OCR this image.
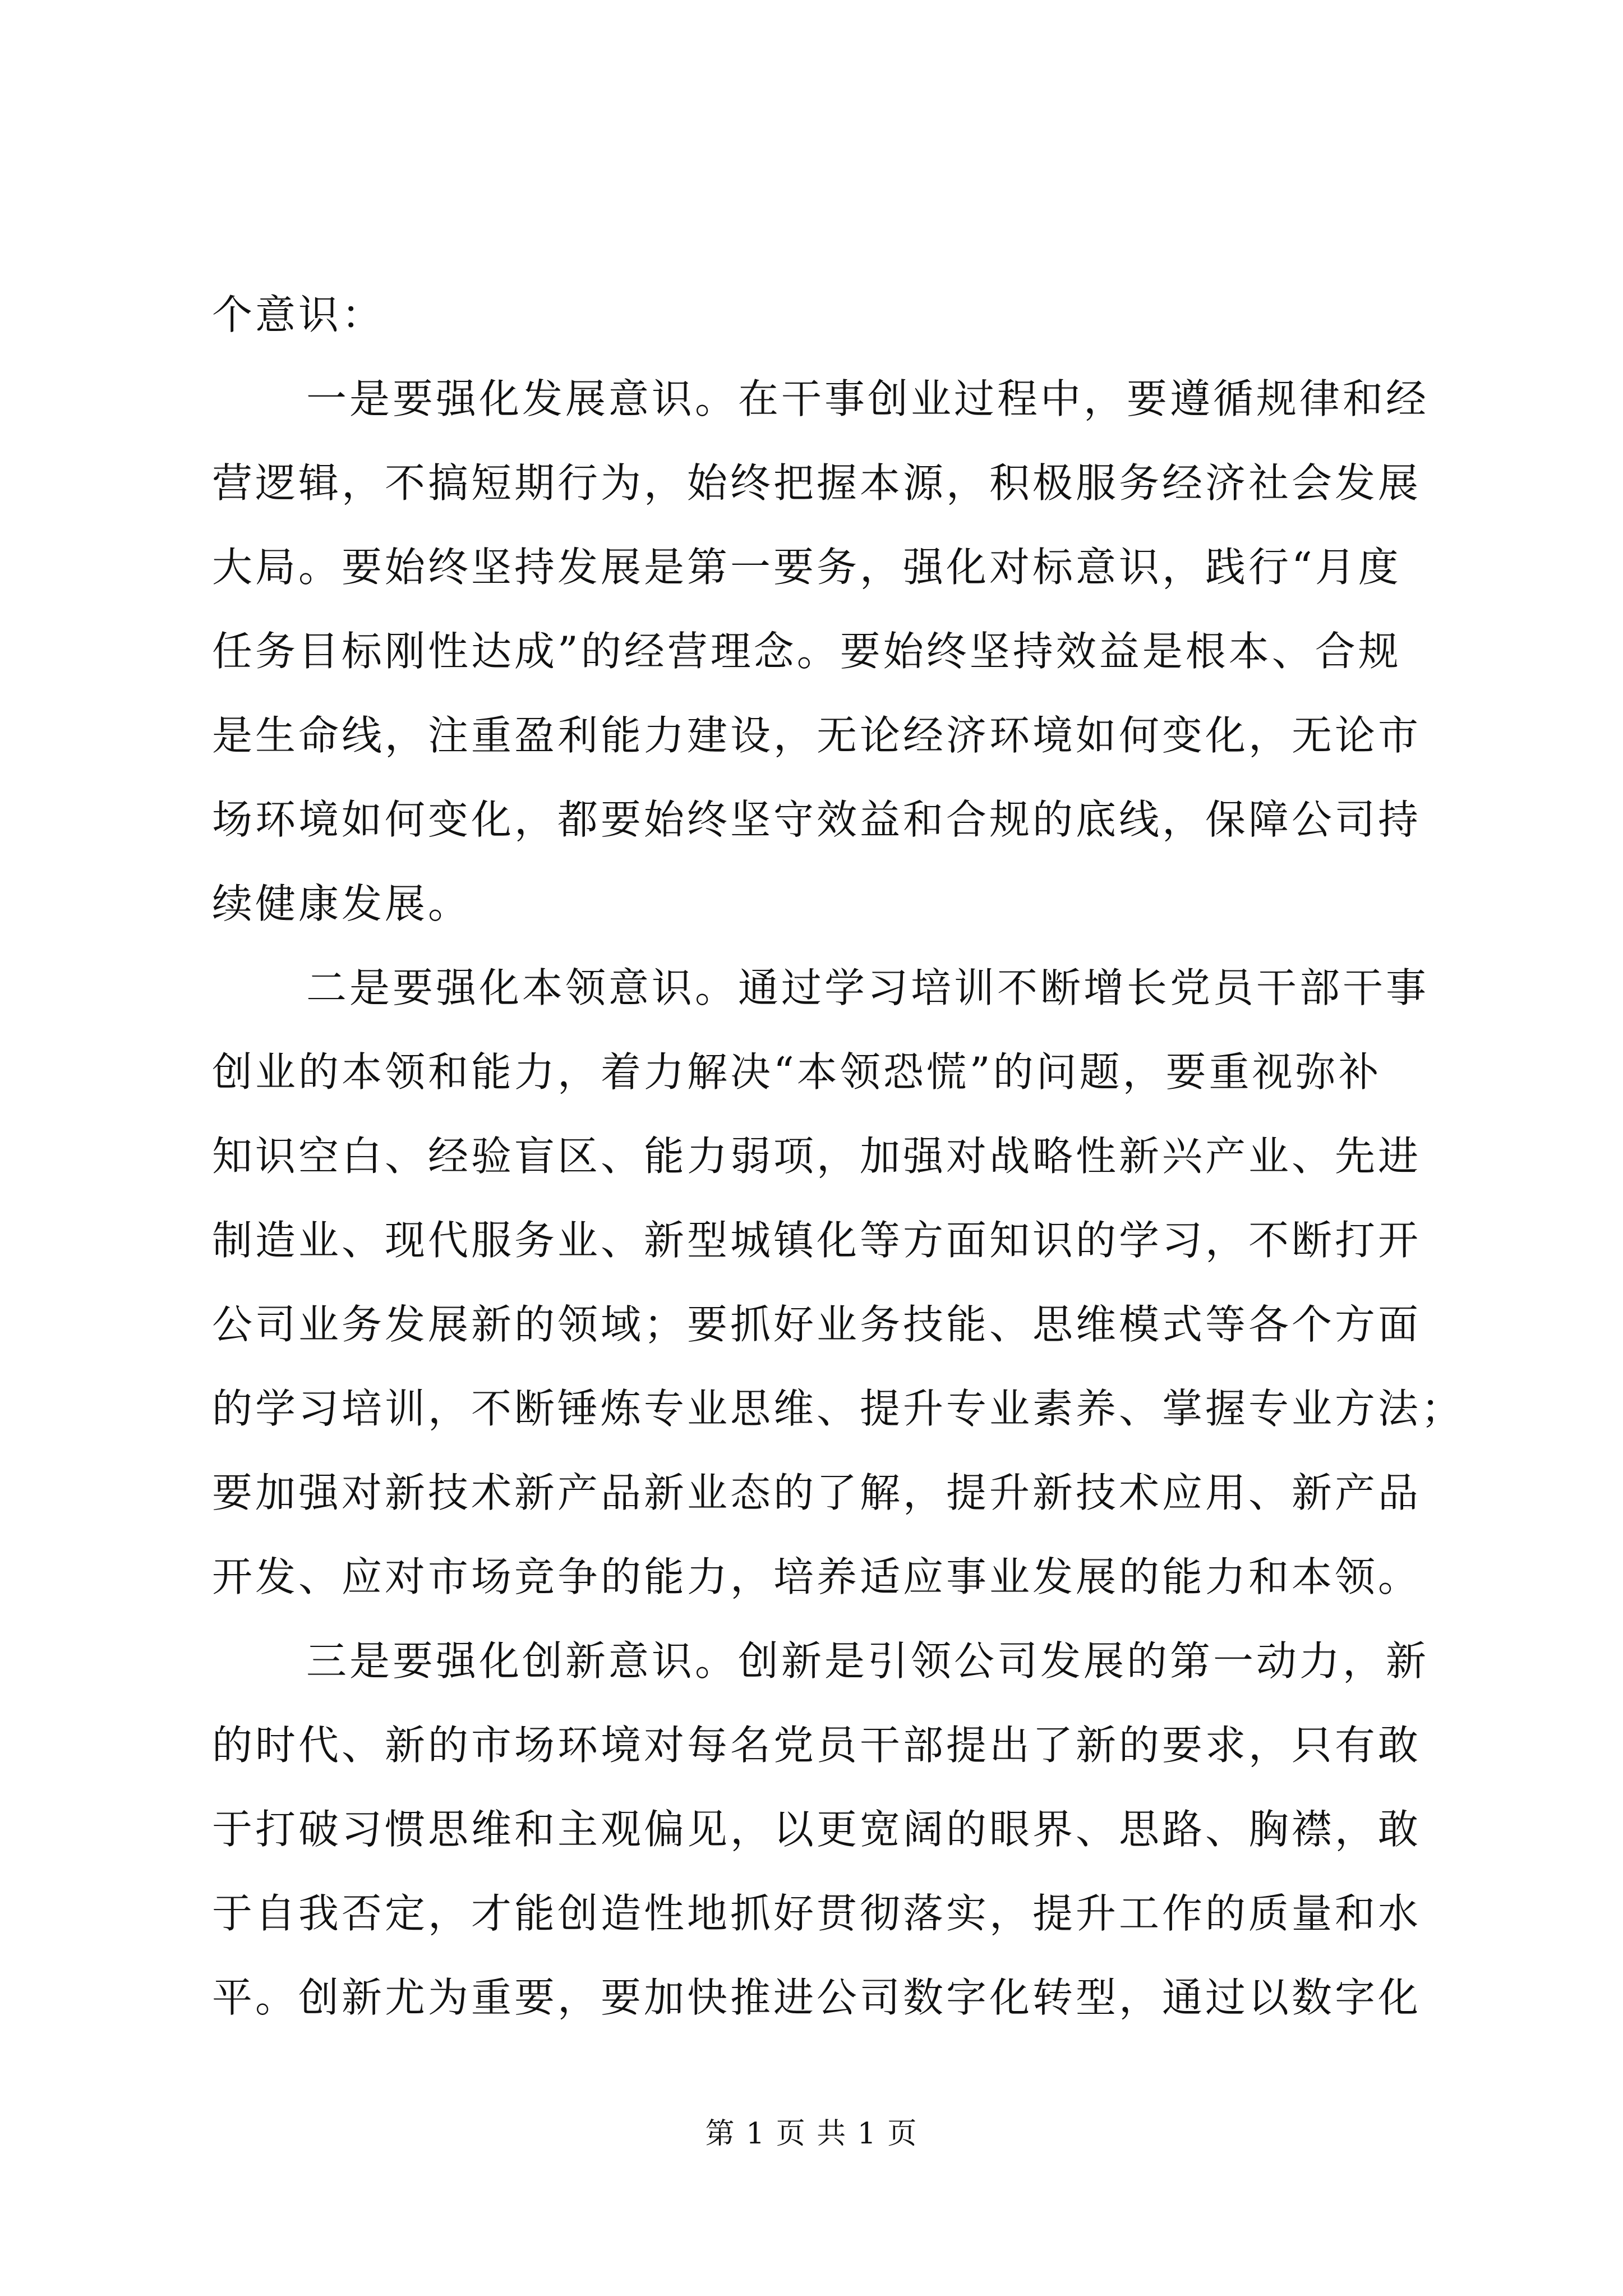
个意识：
一是要强化发展意识。在干事创业过程中，要遵循规律和经
营逻辑，不搞短期行为，始终把握本源，积极服务经济社会发展
大局。要始终坚持发展是第一要务，强化对标意识，践行“月度
任务目标刚性达成”的经营理念。要始终坚持效益是根本、合规
是生命线，注重盈利能力建设，无论经济环境如何变化，无论市
场环境如何变化，都要始终坚守效益和合规的底线，保障公司持
续健康发展。
二是要强化本领意识。通过学习培训不断增长党员干部干事
创业的本领和能力，着力解决“本领恐慌”的问题，要重视弥补
知识空白、经验盲区、能力弱项，加强对战略性新兴产业、先进
制造业、现代服务业、新型城镇化等方面知识的学习，不断打开
公司业务发展新的领域；要抓好业务技能、思维模式等各个方面
的学习培训，不断锤炼专业思维、提升专业素养、掌握专业方法；
要加强对新技术新产品新业态的了解，提升新技术应用、新产品
开发、应对市场竞争的能力，培养适应事业发展的能力和本领。
三是要强化创新意识。创新是引领公司发展的第一动力，新
的时代、新的市场环境对每名党员干部提出了新的要求，只有敢
于打破习惯思维和主观偏见，以更宽阔的眼界、思路、胸襟，敢
于自我否定，才能创造性地抓好贯彻落实，提升工作的质量和水
平。创新尤为重要，要加快推进公司数字化转型，通过以数字化
第 1 页 共 1 页
